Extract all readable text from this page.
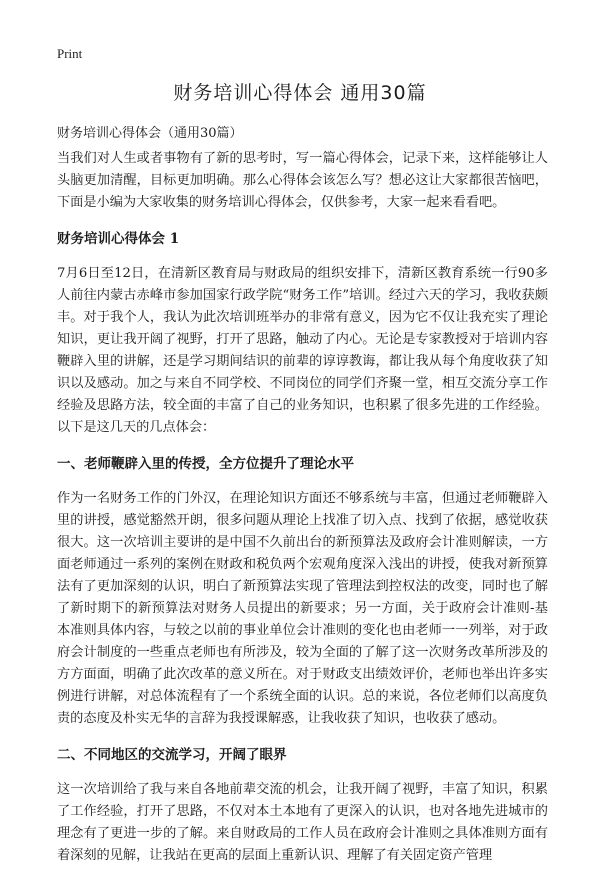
Print
财务培训心得体会 通用30篇
财务培训心得体会（通用30篇）

当我们对人生或者事物有了新的思考时，写一篇心得体会，记录下来，这样能够让人头脑更加清醒，目标更加明确。那么心得体会该怎么写？想必这让大家都很苦恼吧，下面是小编为大家收集的财务培训心得体会，仅供参考，大家一起来看看吧。

财务培训心得体会 1

7月6日至12日，在清新区教育局与财政局的组织安排下，清新区教育系统一行90多人前往内蒙古赤峰市参加国家行政学院“财务工作”培训。经过六天的学习，我收获颇丰。对于我个人，我认为此次培训班举办的非常有意义，因为它不仅让我充实了理论知识，更让我开阔了视野，打开了思路，触动了内心。无论是专家教授对于培训内容鞭辟入里的讲解，还是学习期间结识的前辈的谆谆教诲，都让我从每个角度收获了知识以及感动。加之与来自不同学校、不同岗位的同学们齐聚一堂，相互交流分享工作经验及思路方法，较全面的丰富了自己的业务知识，也积累了很多先进的工作经验。以下是这几天的几点体会：

一、老师鞭辟入里的传授，全方位提升了理论水平

作为一名财务工作的门外汉，在理论知识方面还不够系统与丰富，但通过老师鞭辟入里的讲授，感觉豁然开朗，很多问题从理论上找准了切入点、找到了依据，感觉收获很大。这一次培训主要讲的是中国不久前出台的新预算法及政府会计准则解读，一方面老师通过一系列的案例在财政和税负两个宏观角度深入浅出的讲授，使我对新预算法有了更加深刻的认识，明白了新预算法实现了管理法到控权法的改变，同时也了解了新时期下的新预算法对财务人员提出的新要求；另一方面，关于政府会计准则-基本准则具体内容，与较之以前的事业单位会计准则的变化也由老师一一列举，对于政府会计制度的一些重点老师也有所涉及，较为全面的了解了这一次财务改革所涉及的方方面面，明确了此次改革的意义所在。对于财政支出绩效评价，老师也举出许多实例进行讲解，对总体流程有了一个系统全面的认识。总的来说，各位老师们以高度负责的态度及朴实无华的言辞为我授课解惑，让我收获了知识，也收获了感动。

二、不同地区的交流学习，开阔了眼界

这一次培训给了我与来自各地前辈交流的机会，让我开阔了视野，丰富了知识，积累了工作经验，打开了思路，不仅对本土本地有了更深入的认识，也对各地先进城市的理念有了更进一步的了解。来自财政局的工作人员在政府会计准则之具体准则方面有着深刻的见解，让我站在更高的层面上重新认识、理解了有关固定资产管理
